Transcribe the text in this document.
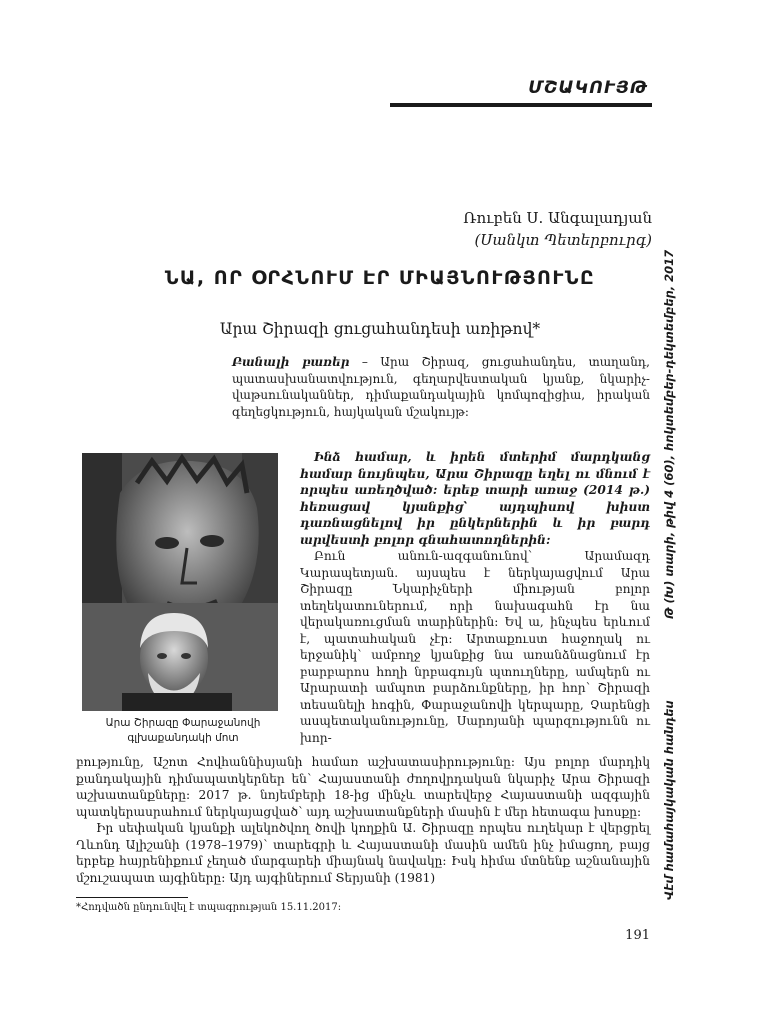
ՄՇԱԿՈՒՅԹ
Ռուբեն Ս. Անգալադյան
(Սանկտ Պետերբուրգ)
ՆԱ, ՈՐ ՕՐՀՆՈՒՄ ԷՐ ՄԻԱՅՆՈՒԹՅՈՒՆԸ
Արա Շիրազի ցուցահանդեսի առիթով*
Բանալի բառեր – Արա Շիրազ, ցուցահանդես, տաղանդ, պատասխանատվություն, գեղարվեստական կյանք, նկարիչ-վաթսունականներ, դիմաքանդակային կոմպոզիցիա, իրական գեղեցկություն, հայկական մշակույթ:
Վէմ համահայկական հանդես
Թ (Խ) տարի, թիվ 4 (60), հոկտեմբեր-դեկտեմբեր, 2017
Արա Շիրազը Փարաջանովի գլխաքանդակի մոտ

Ինձ համար, և իրեն մտերիմ մարդկանց համար նույնպես, Արա Շիրազը եղել ու մնում է որպես առեղծված: երեք տարի առաջ (2014 թ.) հեռացավ կյանքից՝ այդպիսով խիստ դառնացնելով իր ընկերներին և իր բարդ արվեստի բոլոր գնահատողներին:

Բուն անուն-ազգանունով՝ Արամազդ Կարապետյան. այսպես է ներկայացվում Արա Շիրազը Նկարիչների միության բոլոր տեղեկատուներում, որի նախագահն էր նա վերակառուցման տարիներին: Եվ ա, ինչպես երևում է, պատահական չէր: Արտաքուստ հաջողակ ու երջանիկ՝ ամբողջ կյանքից նա առանձնացնում էր բարբարոս հողի նրբագույն պտուղները, ամպերն ու Արարատի ամպոտ բարձունքները, իր հոր՝ Շիրազի տեսանելի հոգին, Փարաջանովի կերպարը, Չարենցի ասպետականությունը, Սարոյանի պարզությունն ու խոր-

բությունը, Աշոտ Հովհաննիսյանի համառ աշխատասիրությունը: Այս բոլոր մարդիկ քանդակային դիմապատկերներ են՝ Հայաստանի ժողովրդական նկարիչ Արա Շիրազի աշխատանքները: 2017 թ. նոյեմբերի 18-ից մինչև տարեվերջ Հայաստանի ազգային պատկերասրահում ներկայացված՝ այդ աշխատանքների մասին է մեր հետագա խոսքը:

Իր սեփական կյանքի ալեկոծվող ծովի կողքին Ա. Շիրազը որպես ուղեկար է վերցրել Ղևոնդ Ալիշանի (1978–1979)՝ տարեգրի և Հայաստանի մասին ամեն ինչ իմացող, բայց երբեք հայրենիքում չեղած մարգարեի միայնակ նավակը: Իսկ հիմա մտնենք աշնանային մշուշապատ այգիները: Այդ այգիներում Տերյանի (1981)

*Հոդվածն ընդունվել է տպագրության 15.11.2017:
191
